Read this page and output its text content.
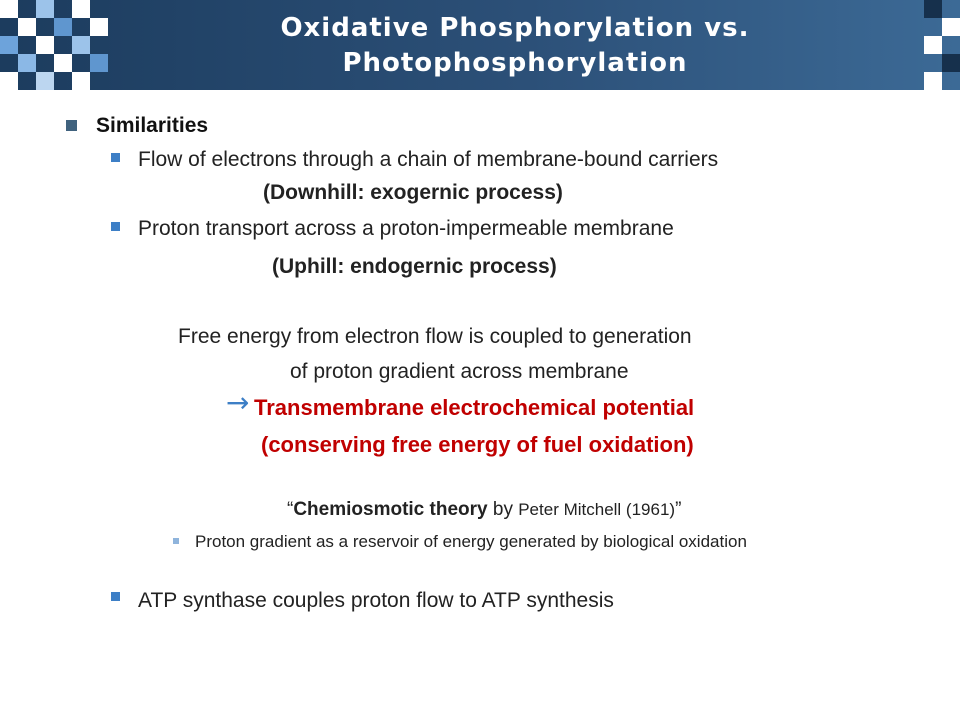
Oxidative Phosphorylation vs.
Photophosphorylation
Similarities
Flow of electrons through a chain of membrane-bound carriers
(Downhill: exogernic process)
Proton transport across a proton-impermeable membrane
(Uphill: endogernic process)
Free energy from electron flow is coupled to generation
of proton gradient across membrane
→ Transmembrane electrochemical potential
(conserving free energy of fuel oxidation)
“Chemiosmotic theory by Peter Mitchell (1961)”
Proton gradient as a reservoir of energy generated by biological oxidation
ATP synthase couples proton flow to ATP synthesis
